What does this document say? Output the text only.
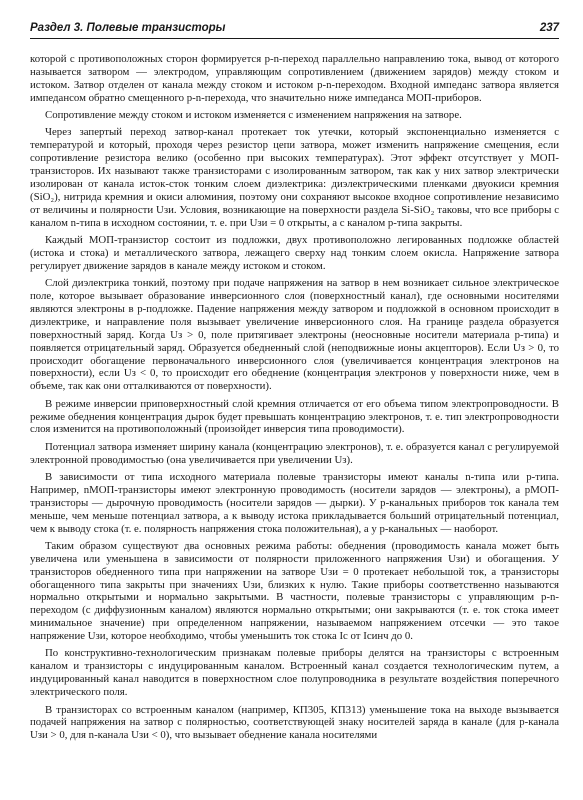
Раздел 3. Полевые транзисторы	237

которой с противоположных сторон формируется p-n-переход параллельно направлению тока, вывод от которого называется затвором — электродом, управляющим сопротивлением (движением зарядов) между стоком и истоком. Затвор отделен от канала между стоком и истоком p-n-переходом. Входной импеданс затвора является импедансом обратно смещенного p-n-перехода, что значительно ниже импеданса МОП-приборов.

Сопротивление между стоком и истоком изменяется с изменением напряжения на затворе.

Через запертый переход затвор-канал протекает ток утечки, который экспоненциально изменяется с температурой и который, проходя через резистор цепи затвора, может изменить напряжение смещения, если сопротивление резистора велико (особенно при высоких температурах). Этот эффект отсутствует у МОП-транзисторов. Их называют также транзисторами с изолированным затвором, так как у них затвор электрически изолирован от канала исток-сток тонким слоем диэлектрика: диэлектрическими пленками двуокиси кремния (SiO₂), нитрида кремния и окиси алюминия, поэтому они сохраняют высокое входное сопротивление независимо от величины и полярности Uзи. Условия, возникающие на поверхности раздела Si-SiO₂ таковы, что все приборы с каналом n-типа в исходном состоянии, т. е. при Uзи = 0 открыты, а с каналом p-типа закрыты.

Каждый МОП-транзистор состоит из подложки, двух противоположно легированных подложке областей (истока и стока) и металлического затвора, лежащего сверху над тонким слоем окисла. Напряжение затвора регулирует движение зарядов в канале между истоком и стоком.

Слой диэлектрика тонкий, поэтому при подаче напряжения на затвор в нем возникает сильное электрическое поле, которое вызывает образование инверсионного слоя (поверхностный канал), где основными носителями являются электроны в p-подложке. Падение напряжения между затвором и подложкой в основном происходит в диэлектрике, и направление поля вызывает увеличение инверсионного слоя. На границе раздела образуется поверхностный заряд. Когда Uз > 0, поле притягивает электроны (неосновные носители материала p-типа) и появляется отрицательный заряд. Образуется обедненный слой (неподвижные ионы акцепторов). Если Uз > 0, то происходит обогащение первоначального инверсионного слоя (увеличивается концентрация электронов на поверхности), если Uз < 0, то происходит его обеднение (концентрация электронов у поверхности ниже, чем в объеме, так как они отталкиваются от поверхности).

В режиме инверсии приповерхностный слой кремния отличается от его объема типом электропроводности. В режиме обеднения концентрация дырок будет превышать концентрацию электронов, т. е. тип электропроводности слоя изменится на противоположный (произойдет инверсия типа проводимости).

Потенциал затвора изменяет ширину канала (концентрацию электронов), т. е. образуется канал с регулируемой электронной проводимостью (она увеличивается при увеличении Uз).

В зависимости от типа исходного материала полевые транзисторы имеют каналы n-типа или p-типа. Например, nМОП-транзисторы имеют электронную проводимость (носители зарядов — электроны), а pМОП-транзисторы — дырочную проводимость (носители зарядов — дырки). У p-канальных приборов ток канала тем меньше, чем меньше потенциал затвора, а к выводу истока прикладывается больший отрицательный потенциал, чем к выводу стока (т. е. полярность напряжения стока положительная), а у p-канальных — наоборот.

Таким образом существуют два основных режима работы: обеднения (проводимость канала может быть увеличена или уменьшена в зависимости от полярности приложенного напряжения Uзи) и обогащения. У транзисторов обедненного типа при напряжении на затворе Uзи = 0 протекает небольшой ток, а транзисторы обогащенного типа закрыты при значениях Uзи, близких к нулю. Такие приборы соответственно называются нормально открытыми и нормально закрытыми. В частности, полевые транзисторы с управляющим p-n-переходом (с диффузионным каналом) являются нормально открытыми; они закрываются (т. е. ток стока имеет минимальное значение) при определенном напряжении, называемом напряжением отсечки — это такое напряжение Uзи, которое необходимо, чтобы уменьшить ток стока Iс от Iсинч до 0.

По конструктивно-технологическим признакам полевые приборы делятся на транзисторы с встроенным каналом и транзисторы с индуцированным каналом. Встроенный канал создается технологическим путем, а индуцированный канал наводится в поверхностном слое полупроводника в результате воздействия поперечного электрического поля.

В транзисторах со встроенным каналом (например, КП305, КП313) уменьшение тока на выходе вызывается подачей напряжения на затвор с полярностью, соответствующей знаку носителей заряда в канале (для p-канала Uзи > 0, для n-канала Uзи < 0), что вызывает обеднение канала носителями
